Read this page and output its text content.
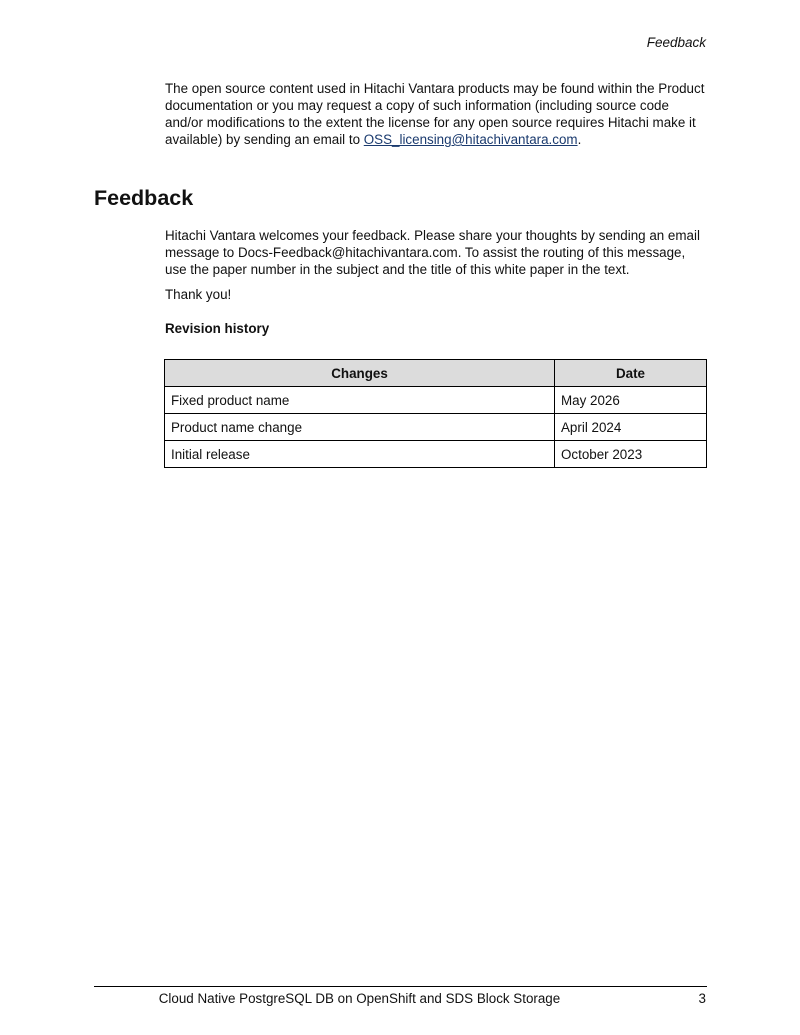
Feedback

The open source content used in Hitachi Vantara products may be found within the Product documentation or you may request a copy of such information (including source code and/or modifications to the extent the license for any open source requires Hitachi make it available) by sending an email to OSS_licensing@hitachivantara.com.

Feedback

Hitachi Vantara welcomes your feedback. Please share your thoughts by sending an email message to Docs-Feedback@hitachivantara.com. To assist the routing of this message, use the paper number in the subject and the title of this white paper in the text.

Thank you!

Revision history
Changes	Date
Fixed product name	May 2026
Product name change	April 2024
Initial release	October 2023
Cloud Native PostgreSQL DB on OpenShift and SDS Block Storage	3
